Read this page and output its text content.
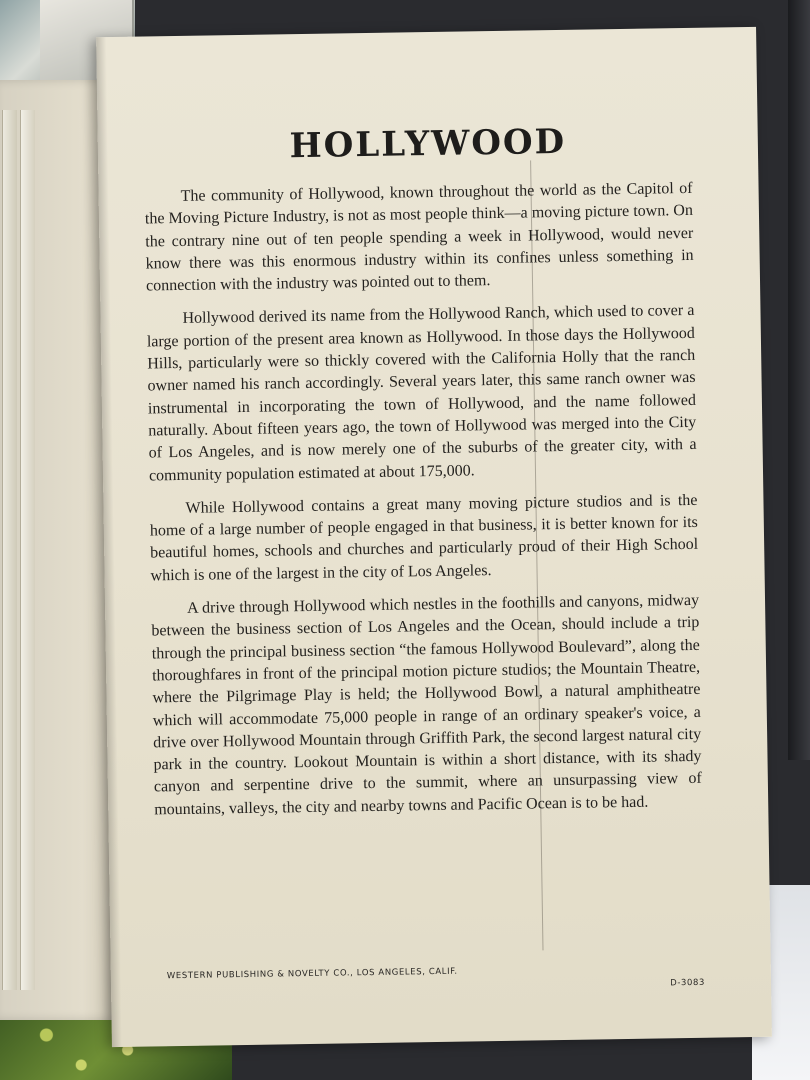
HOLLYWOOD

The community of Hollywood, known throughout the world as the Capitol of the Moving Picture Industry, is not as most people think—a moving picture town. On the contrary nine out of ten people spending a week in Hollywood, would never know there was this enormous industry within its confines unless something in connection with the industry was pointed out to them.

Hollywood derived its name from the Hollywood Ranch, which used to cover a large portion of the present area known as Hollywood. In those days the Hollywood Hills, particularly were so thickly covered with the California Holly that the ranch owner named his ranch accordingly. Several years later, this same ranch owner was instrumental in incorporating the town of Hollywood, and the name followed naturally. About fifteen years ago, the town of Hollywood was merged into the City of Los Angeles, and is now merely one of the suburbs of the greater city, with a community population estimated at about 175,000.

While Hollywood contains a great many moving picture studios and is the home of a large number of people engaged in that business, it is better known for its beautiful homes, schools and churches and particularly proud of their High School which is one of the largest in the city of Los Angeles.

A drive through Hollywood which nestles in the foothills and canyons, midway between the business section of Los Angeles and the Ocean, should include a trip through the principal business section “the famous Hollywood Boulevard”, along the thoroughfares in front of the principal motion picture studios; the Mountain Theatre, where the Pilgrimage Play is held; the Hollywood Bowl, a natural amphitheatre which will accommodate 75,000 people in range of an ordinary speaker's voice, a drive over Hollywood Mountain through Griffith Park, the second largest natural city park in the country. Lookout Mountain is within a short distance, with its shady canyon and serpentine drive to the summit, where an unsurpassing view of mountains, valleys, the city and nearby towns and Pacific Ocean is to be had.

WESTERN PUBLISHING & NOVELTY CO., LOS ANGELES, CALIF.
D-3083
